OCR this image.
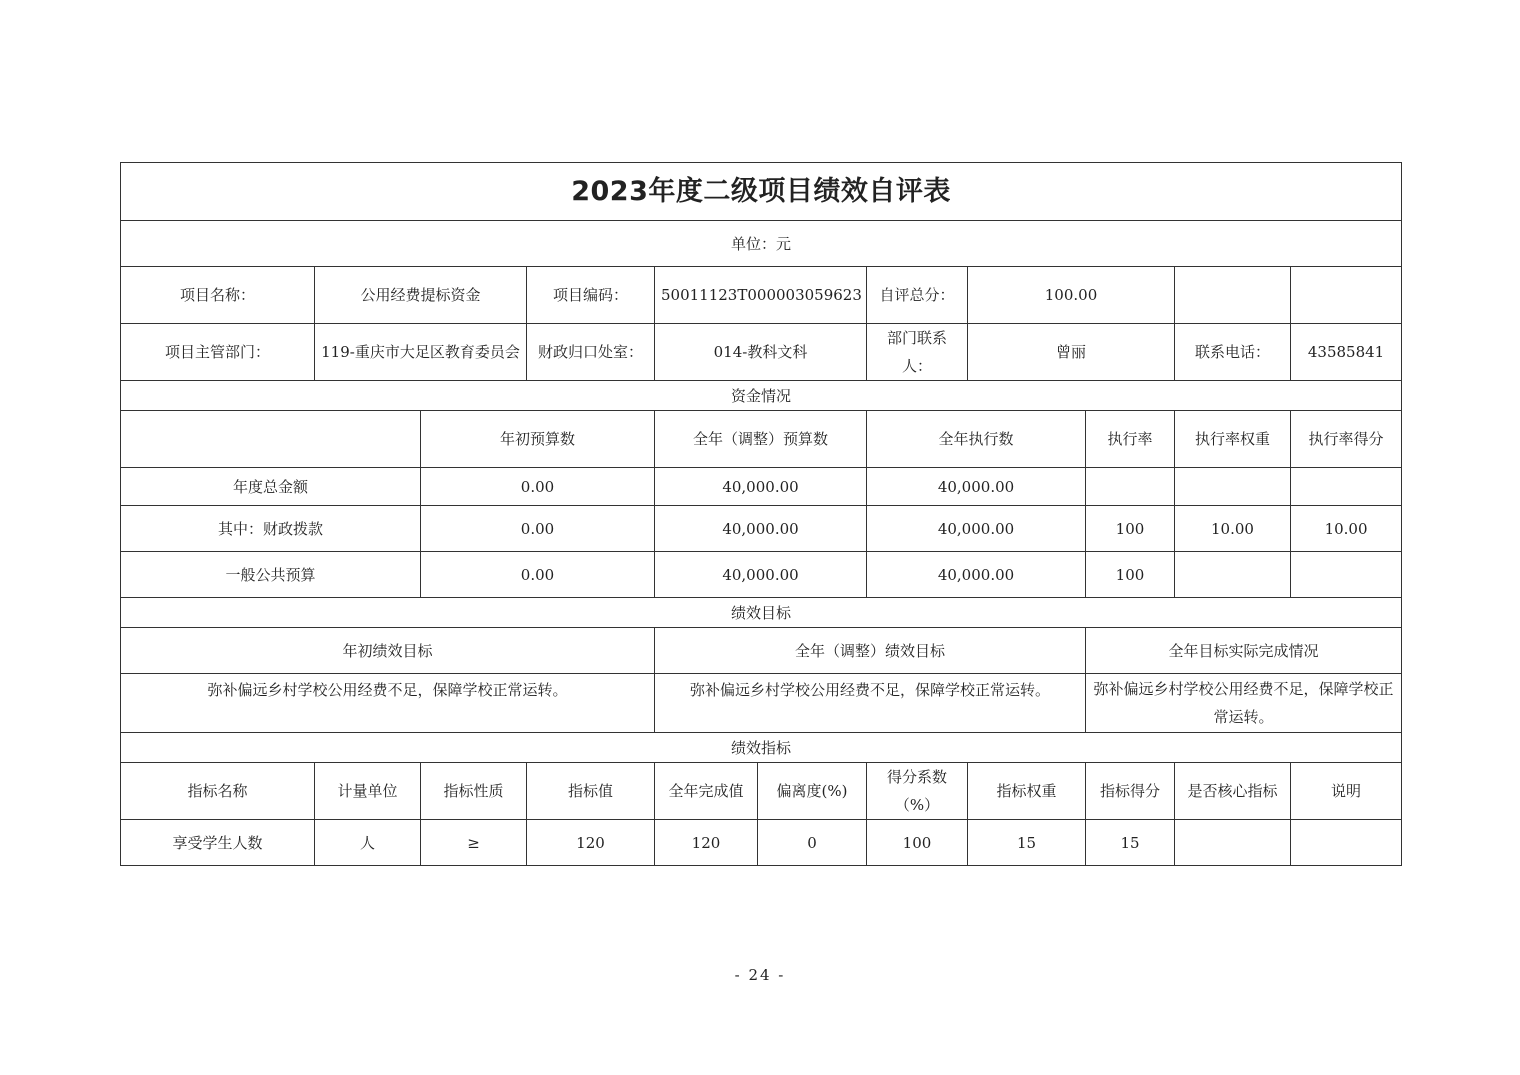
2023年度二级项目绩效自评表										
单位：元										
项目名称：	公用经费提标资金		项目编码：	50011123T000003059623		自评总分：	100.00			
项目主管部门：	119-重庆市大足区教育委员会		财政归口处室：	014-教科文科		部门联系人：	曾丽		联系电话：	43585841
资金情况										
		年初预算数		全年（调整）预算数		全年执行数		执行率	执行率权重	执行率得分
年度总金额		0.00		40,000.00		40,000.00				
其中：财政拨款		0.00		40,000.00		40,000.00		100	10.00	10.00
一般公共预算		0.00		40,000.00		40,000.00		100		
绩效目标										
年初绩效目标				全年（调整）绩效目标				全年目标实际完成情况		
弥补偏远乡村学校公用经费不足，保障学校正常运转。				弥补偏远乡村学校公用经费不足，保障学校正常运转。				弥补偏远乡村学校公用经费不足，保障学校正常运转。		
绩效指标										
指标名称	计量单位	指标性质	指标值	全年完成值	偏离度(%)	得分系数（%）	指标权重	指标得分	是否核心指标	说明
享受学生人数	人	≥	120	120	0	100	15	15		
- 24 -
